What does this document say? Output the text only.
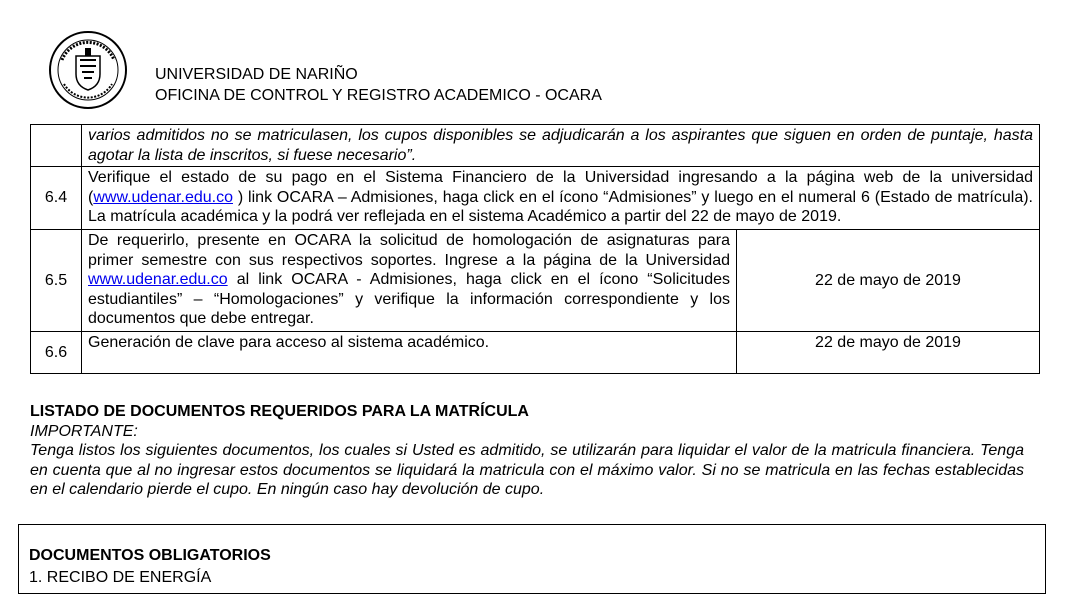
UNIVERSIDAD DE NARIÑO
OFICINA DE CONTROL Y REGISTRO ACADEMICO - OCARA
	varios admitidos no se matriculasen, los cupos disponibles se adjudicarán a los aspirantes que siguen en orden de puntaje, hasta agotar la lista de inscritos, si fuese necesario”.	
6.4	Verifique el estado de su pago en el Sistema Financiero de la Universidad ingresando a la página web de la universidad (www.udenar.edu.co ) link OCARA – Admisiones, haga click en el ícono “Admisiones” y luego en el numeral 6 (Estado de matrícula). La matrícula académica y la podrá ver reflejada en el sistema Académico a partir del 22 de mayo de 2019.	
6.5	De requerirlo, presente en OCARA la solicitud de homologación de asignaturas para primer semestre con sus respectivos soportes. Ingrese a la página de la Universidad www.udenar.edu.co al link OCARA - Admisiones, haga click en el ícono “Solicitudes estudiantiles” – “Homologaciones” y verifique la información correspondiente y los documentos que debe entregar.	22 de mayo de 2019
6.6	Generación de clave para acceso al sistema académico.	22 de mayo de 2019
LISTADO DE DOCUMENTOS REQUERIDOS PARA LA MATRÍCULA
IMPORTANTE:
Tenga listos los siguientes documentos, los cuales si Usted es admitido, se utilizarán para liquidar el valor de la matricula financiera. Tenga en cuenta que al no ingresar estos documentos se liquidará la matricula con el máximo valor. Si no se matricula en las fechas establecidas en el calendario pierde el cupo. En ningún caso hay devolución de cupo.
DOCUMENTOS OBLIGATORIOS
1. RECIBO DE ENERGÍA
